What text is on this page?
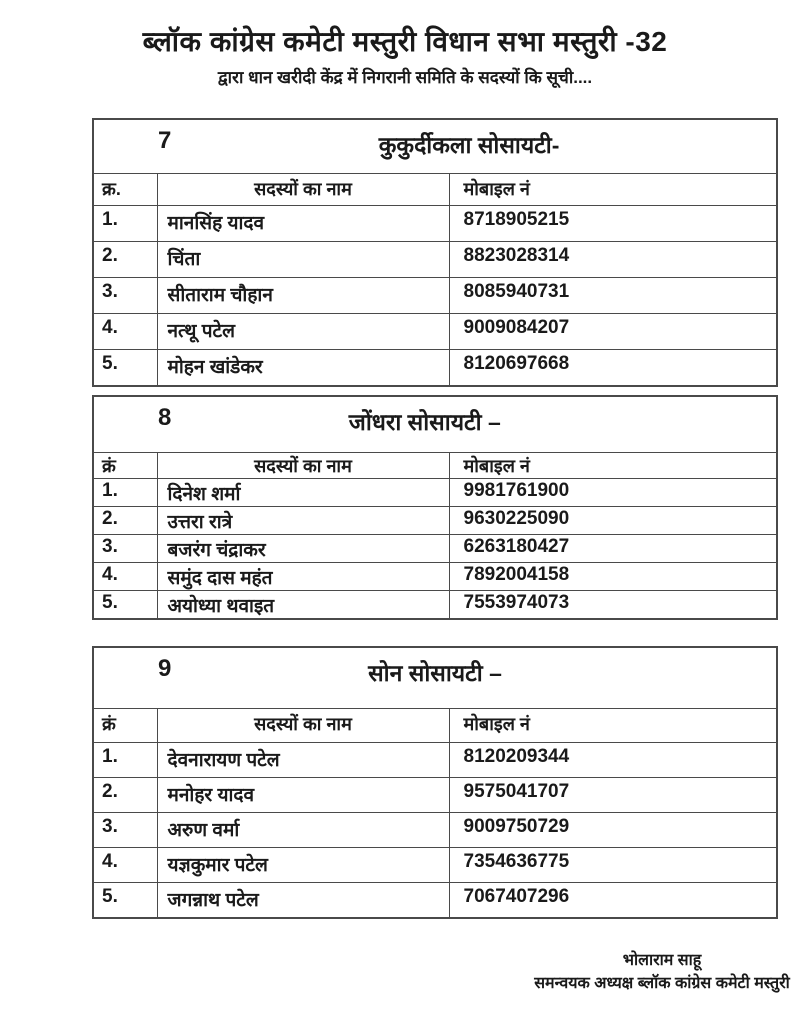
ब्लॉक कांग्रेस कमेटी मस्तुरी विधान सभा मस्तुरी -32
द्वारा धान खरीदी केंद्र में निगरानी समिति के सदस्यों कि सूची....
7	कुकुर्दीकला सोसायटी-
क्र.	सदस्यों का नाम	मोबाइल नं
1.	मानसिंह यादव	8718905215
2.	चिंता	8823028314
3.	सीताराम चौहान	8085940731
4.	नत्थू पटेल	9009084207
5.	मोहन खांडेकर	8120697668
8	जोंधरा सोसायटी –
क्रं	सदस्यों का नाम	मोबाइल नं
1.	दिनेश शर्मा	9981761900
2.	उत्तरा रात्रे	9630225090
3.	बजरंग चंद्राकर	6263180427
4.	समुंद दास महंत	7892004158
5.	अयोध्या थवाइत	7553974073
9	सोन सोसायटी –
क्रं	सदस्यों का नाम	मोबाइल नं
1.	देवनारायण पटेल	8120209344
2.	मनोहर यादव	9575041707
3.	अरुण वर्मा	9009750729
4.	यज्ञकुमार पटेल	7354636775
5.	जगन्नाथ पटेल	7067407296
भोलाराम साहू
समन्वयक अध्यक्ष ब्लॉक कांग्रेस कमेटी मस्तुरी
